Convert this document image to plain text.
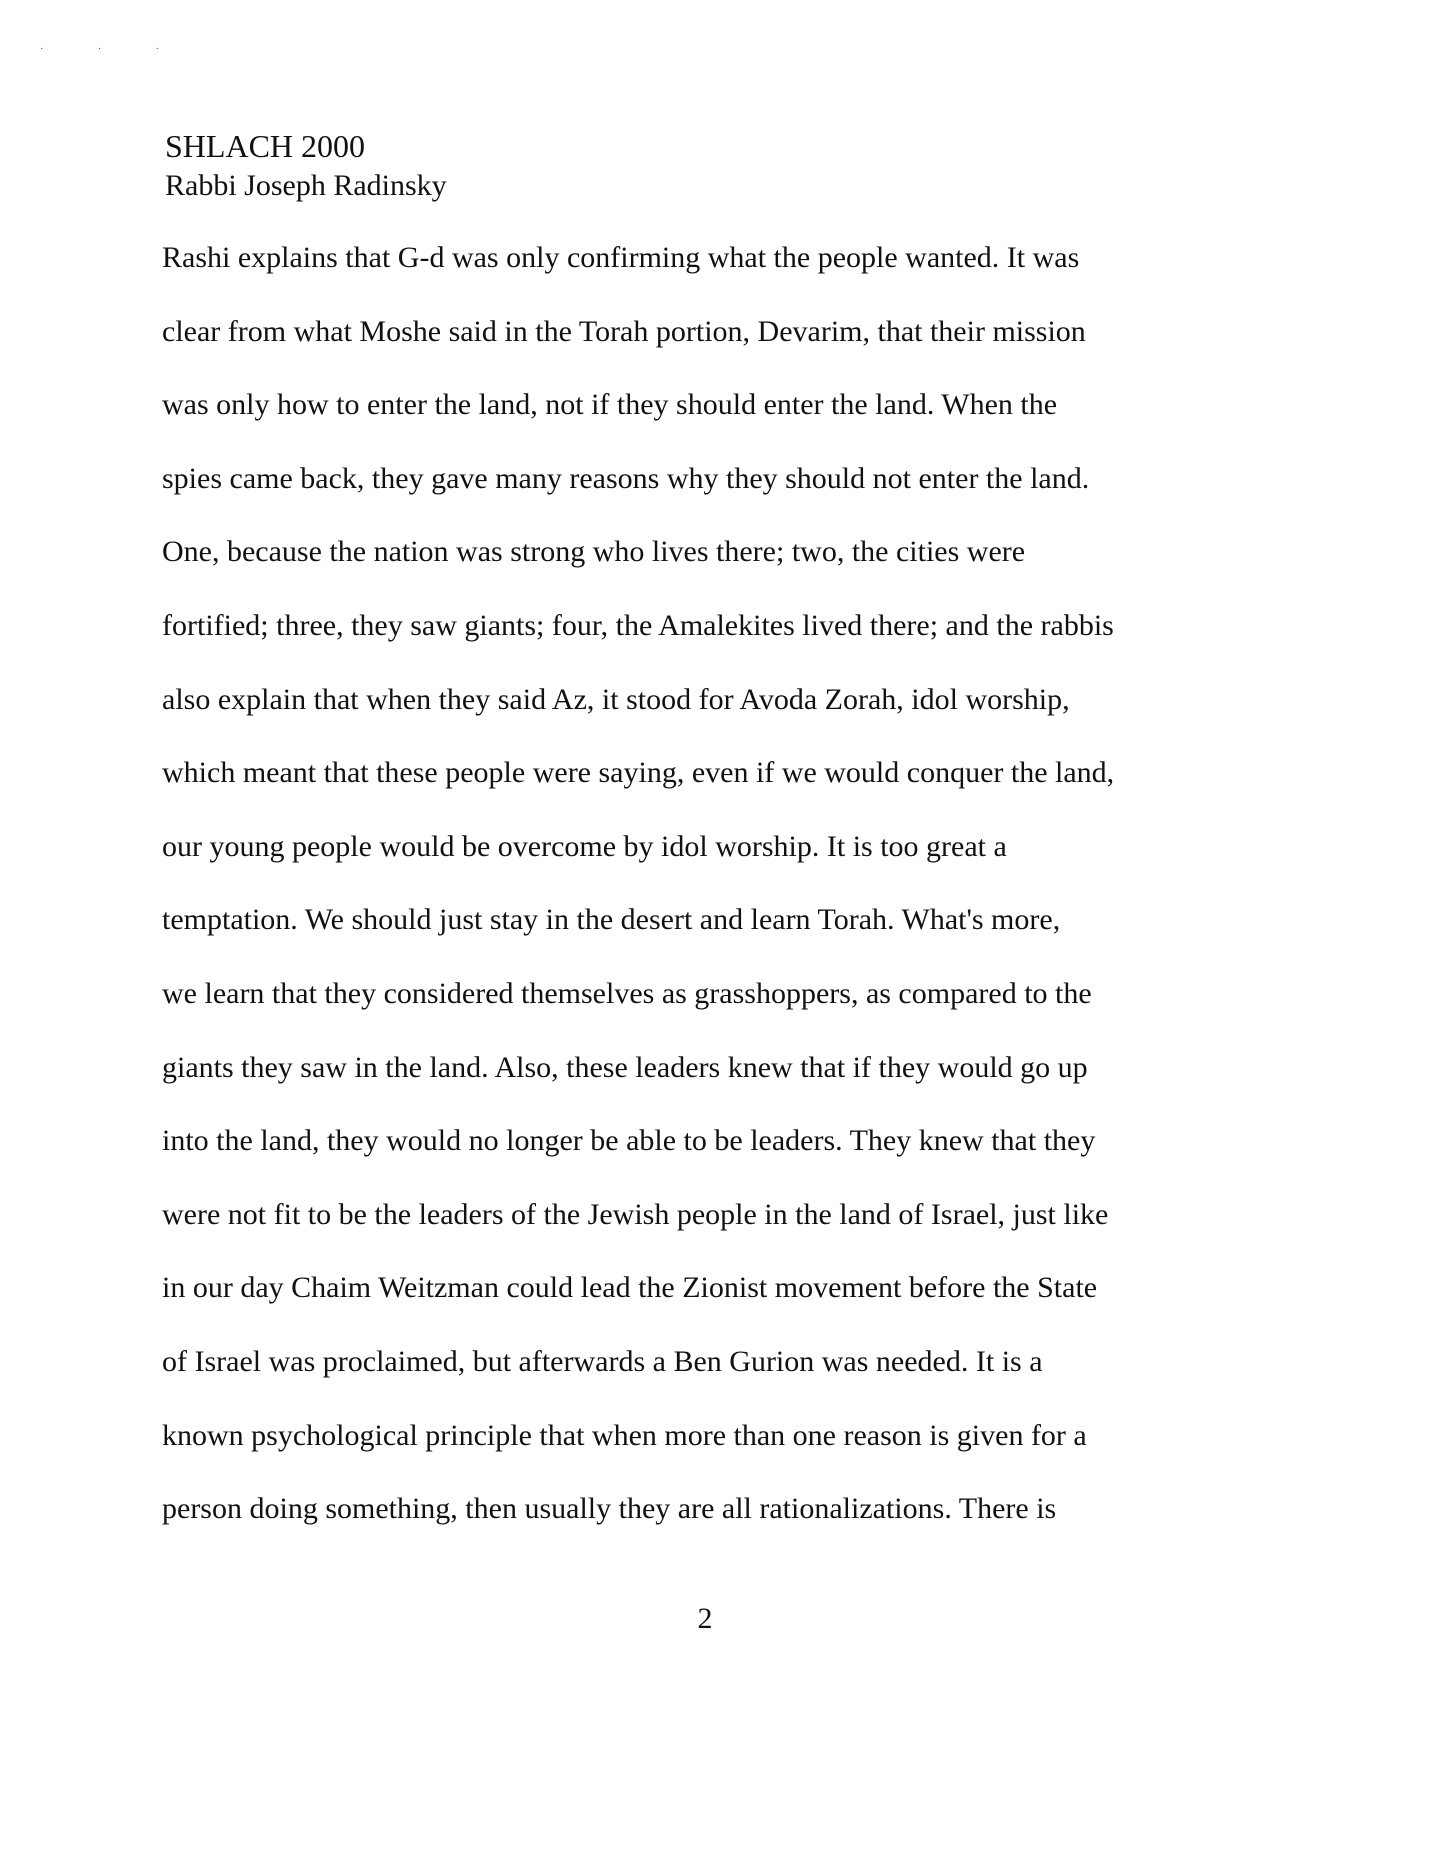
· · ·

SHLACH 2000

Rabbi Joseph Radinsky

Rashi explains that G-d was only confirming what the people wanted. It was
clear from what Moshe said in the Torah portion, Devarim, that their mission
was only how to enter the land, not if they should enter the land. When the
spies came back, they gave many reasons why they should not enter the land.
One, because the nation was strong who lives there; two, the cities were
fortified; three, they saw giants; four, the Amalekites lived there; and the rabbis
also explain that when they said Az, it stood for Avoda Zorah, idol worship,
which meant that these people were saying, even if we would conquer the land,
our young people would be overcome by idol worship. It is too great a
temptation. We should just stay in the desert and learn Torah. What's more,
we learn that they considered themselves as grasshoppers, as compared to the
giants they saw in the land. Also, these leaders knew that if they would go up
into the land, they would no longer be able to be leaders. They knew that they
were not fit to be the leaders of the Jewish people in the land of Israel, just like
in our day Chaim Weitzman could lead the Zionist movement before the State
of Israel was proclaimed, but afterwards a Ben Gurion was needed. It is a
known psychological principle that when more than one reason is given for a
person doing something, then usually they are all rationalizations. There is
2
